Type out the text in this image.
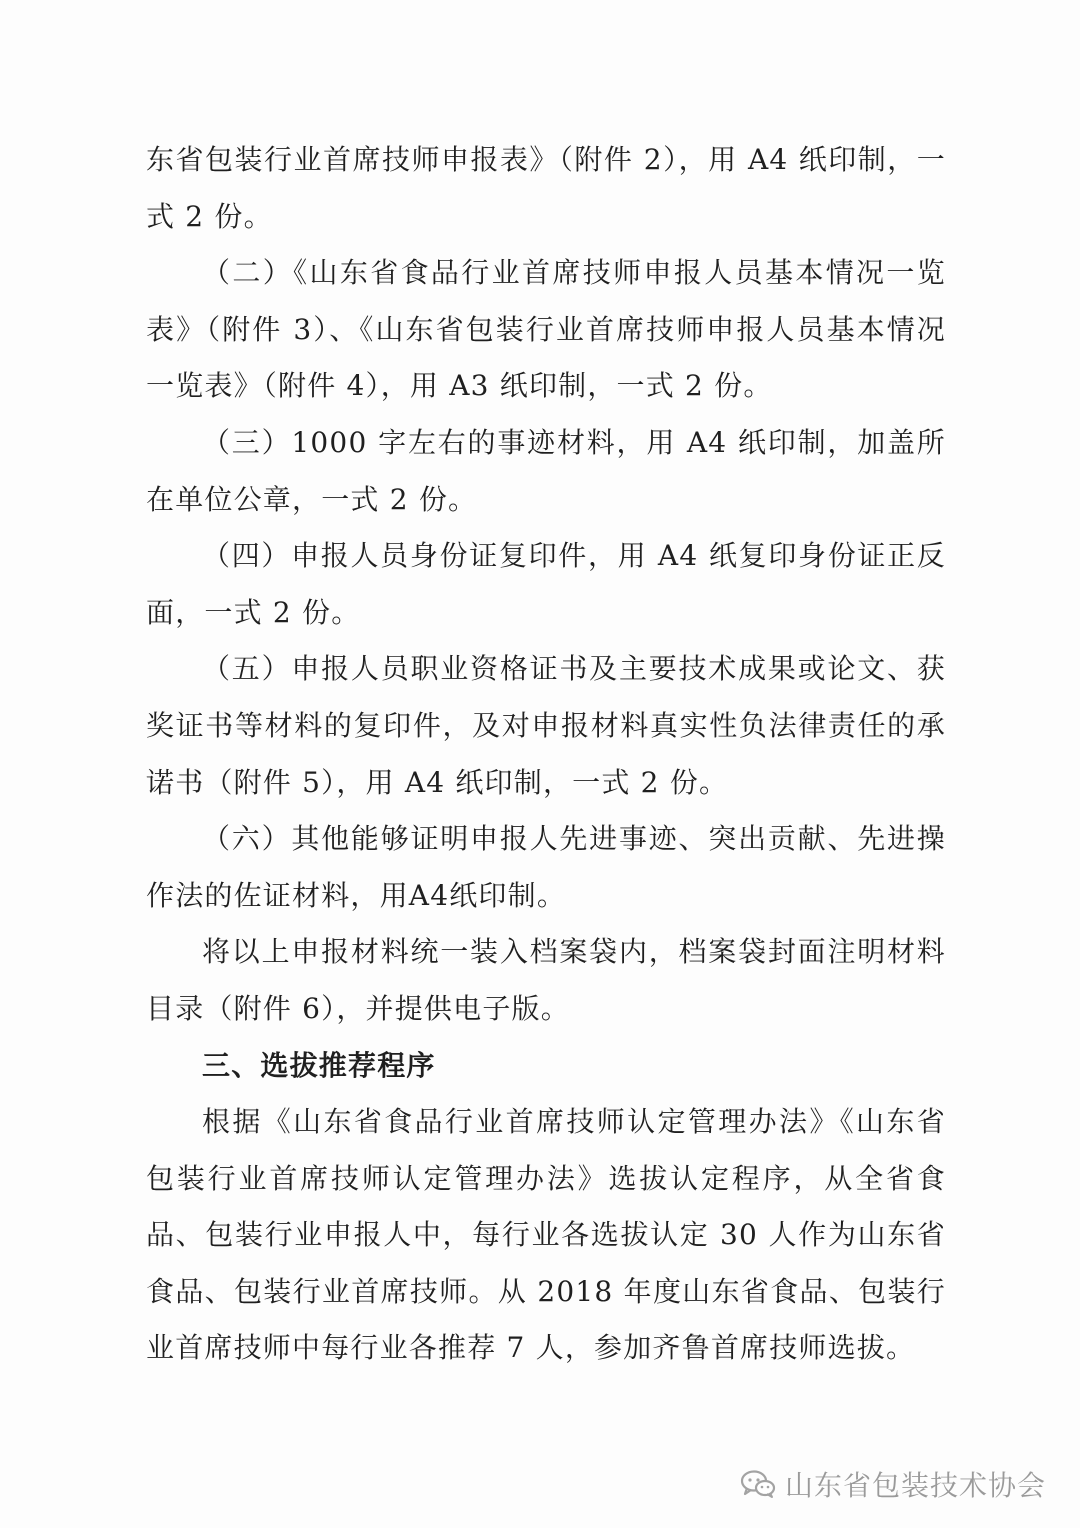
东省包装行业首席技师申报表》（附件 2），用 A4 纸印制，一式 2 份。

（二）《山东省食品行业首席技师申报人员基本情况一览表》（附件 3）、《山东省包装行业首席技师申报人员基本情况一览表》（附件 4），用 A3 纸印制，一式 2 份。

（三）1000 字左右的事迹材料，用 A4 纸印制，加盖所在单位公章，一式 2 份。

（四）申报人员身份证复印件，用 A4 纸复印身份证正反面，一式 2 份。

（五）申报人员职业资格证书及主要技术成果或论文、获奖证书等材料的复印件，及对申报材料真实性负法律责任的承诺书（附件 5），用 A4 纸印制，一式 2 份。

（六）其他能够证明申报人先进事迹、突出贡献、先进操作法的佐证材料，用A4纸印制。

将以上申报材料统一装入档案袋内，档案袋封面注明材料目录（附件 6），并提供电子版。

三、选拔推荐程序

根据《山东省食品行业首席技师认定管理办法》《山东省包装行业首席技师认定管理办法》选拔认定程序，从全省食品、包装行业申报人中，每行业各选拔认定 30 人作为山东省食品、包装行业首席技师。从 2018 年度山东省食品、包装行业首席技师中每行业各推荐 7 人，参加齐鲁首席技师选拔。

山东省包装技术协会
